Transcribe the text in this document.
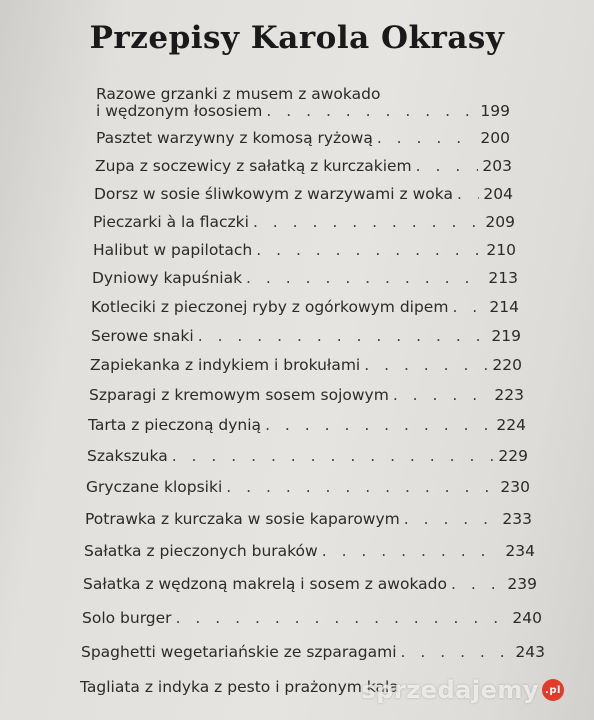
Przepisy Karola Okrasy
Razowe grzanki z musem z awokado
i wędzonym łososiem . . .	199
Pasztet warzywny z komosą ryżową . . .	200
Zupa z soczewicy z sałatką z kurczakiem . . .	203
Dorsz w sosie śliwkowym z warzywami z woka . . . 204
Pieczarki à la flaczki . . .	209
Halibut w papilotach . . .	210
Dyniowy kapuśniak . . .	213
Kotleciki z pieczonej ryby z ogórkowym dipem . . .	214
Serowe snaki . . .	219
Zapiekanka z indykiem i brokułami . . .	220
Szparagi z kremowym sosem sojowym . . .	223
Tarta z pieczoną dynią . . .	224
Szakszuka . . .	229
Gryczane klopsiki . . .	230
Potrawka z kurczaka w sosie kaparowym . . .	233
Sałatka z pieczonych buraków . . .	234
Sałatka z wędzoną makrelą i sosem z awokado . . .	239
Solo burger . . .	240
Spaghetti wegetariańskie ze szparagami . . .	243
Tagliata z indyka z pesto i prażonym kala
sprzedajemy .pl
